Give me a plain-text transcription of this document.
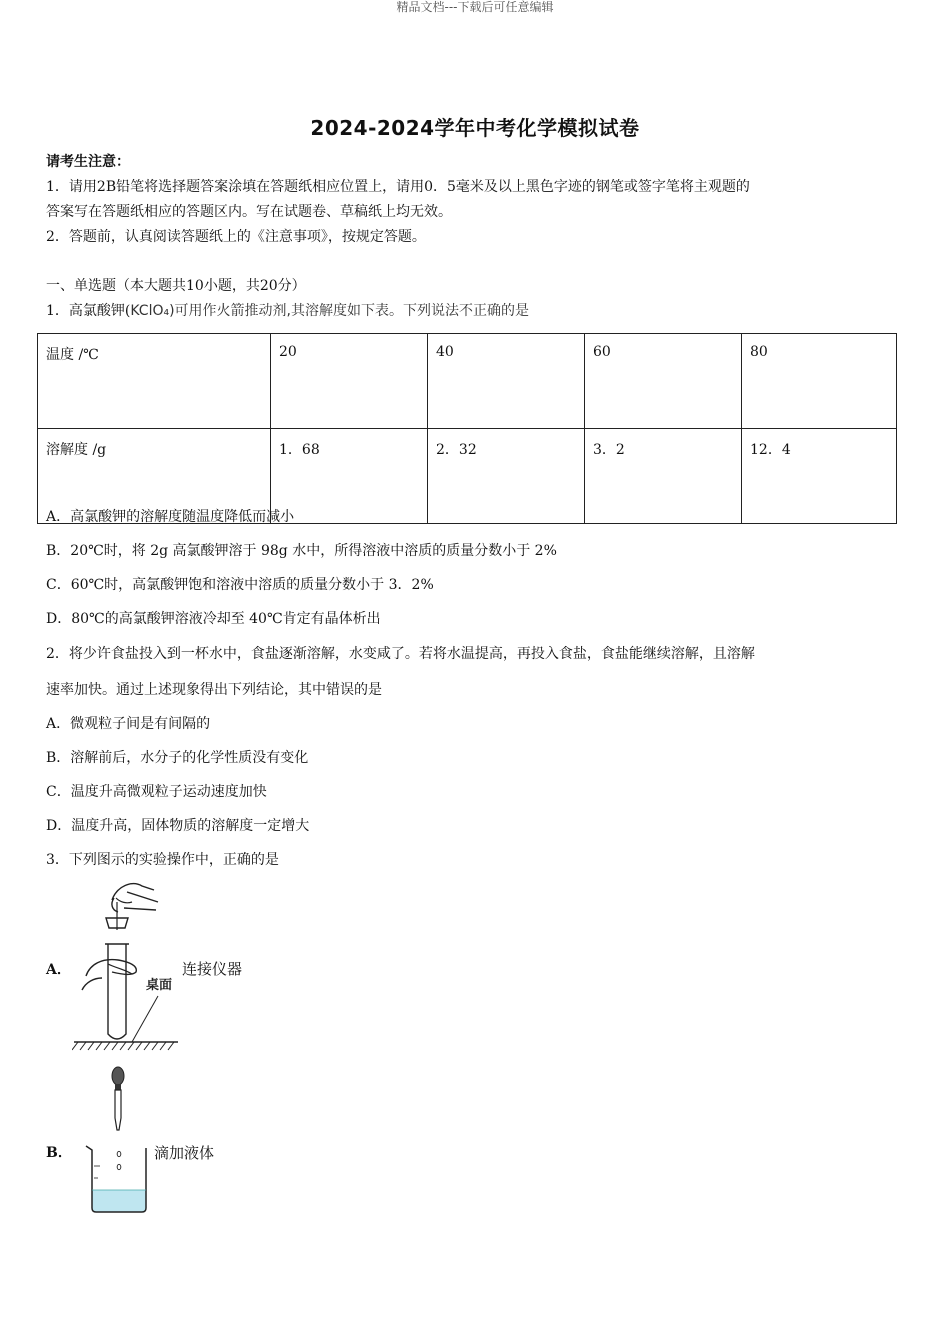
精品文档---下载后可任意编辑
2024-2024学年中考化学模拟试卷
请考生注意：
1．请用2B铅笔将选择题答案涂填在答题纸相应位置上，请用0．5毫米及以上黑色字迹的钢笔或签字笔将主观题的
答案写在答题纸相应的答题区内。写在试题卷、草稿纸上均无效。
2．答题前，认真阅读答题纸上的《注意事项》，按规定答题。
一、单选题（本大题共10小题，共20分）
1．高氯酸钾(KClO₄)可用作火箭推动剂,其溶解度如下表。下列说法不正确的是
温度 /℃	20	40	60	80
溶解度 /g	1．68	2．32	3．2	12．4
A．高氯酸钾的溶解度随温度降低而减小
B．20℃时，将 2g 高氯酸钾溶于 98g 水中，所得溶液中溶质的质量分数小于 2%
C．60℃时，高氯酸钾饱和溶液中溶质的质量分数小于 3．2%
D．80℃的高氯酸钾溶液冷却至 40℃肯定有晶体析出
2．将少许食盐投入到一杯水中，食盐逐渐溶解，水变咸了。若将水温提高，再投入食盐，食盐能继续溶解，且溶解
速率加快。通过上述现象得出下列结论，其中错误的是
A．微观粒子间是有间隔的
B．溶解前后，水分子的化学性质没有变化
C．温度升高微观粒子运动速度加快
D．温度升高，固体物质的溶解度一定增大
3．下列图示的实验操作中，正确的是
A．
桌面
连接仪器
B．	滴加液体
